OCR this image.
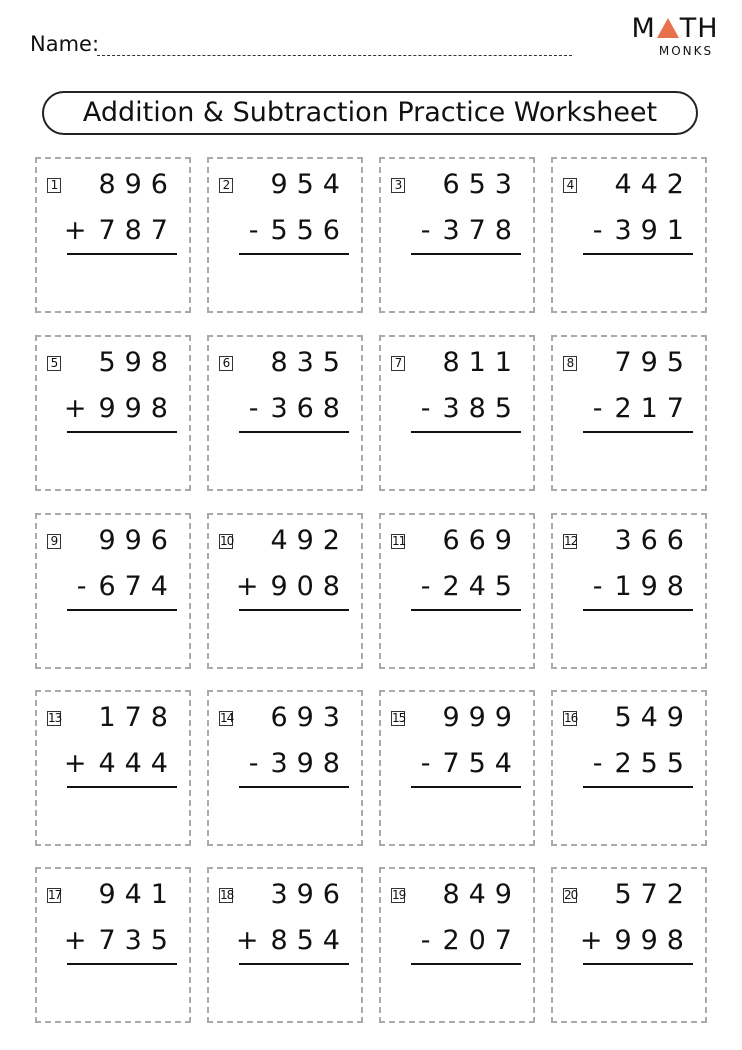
Name:	M TH
MONKS
Addition & Subtraction Practice Worksheet
1 896
+ 787
2 954
- 556
3 653
- 378
4 442
- 391
5 598
+ 998
6 835
- 368
7 811
- 385
8 795
- 217
9 996
- 674
10 492
+ 908
11 669
- 245
12 366
- 198
13 178
+ 444
14 693
- 398
15 999
- 754
16 549
- 255
17 941
+ 735
18 396
+ 854
19 849
- 207
20 572
+ 998
